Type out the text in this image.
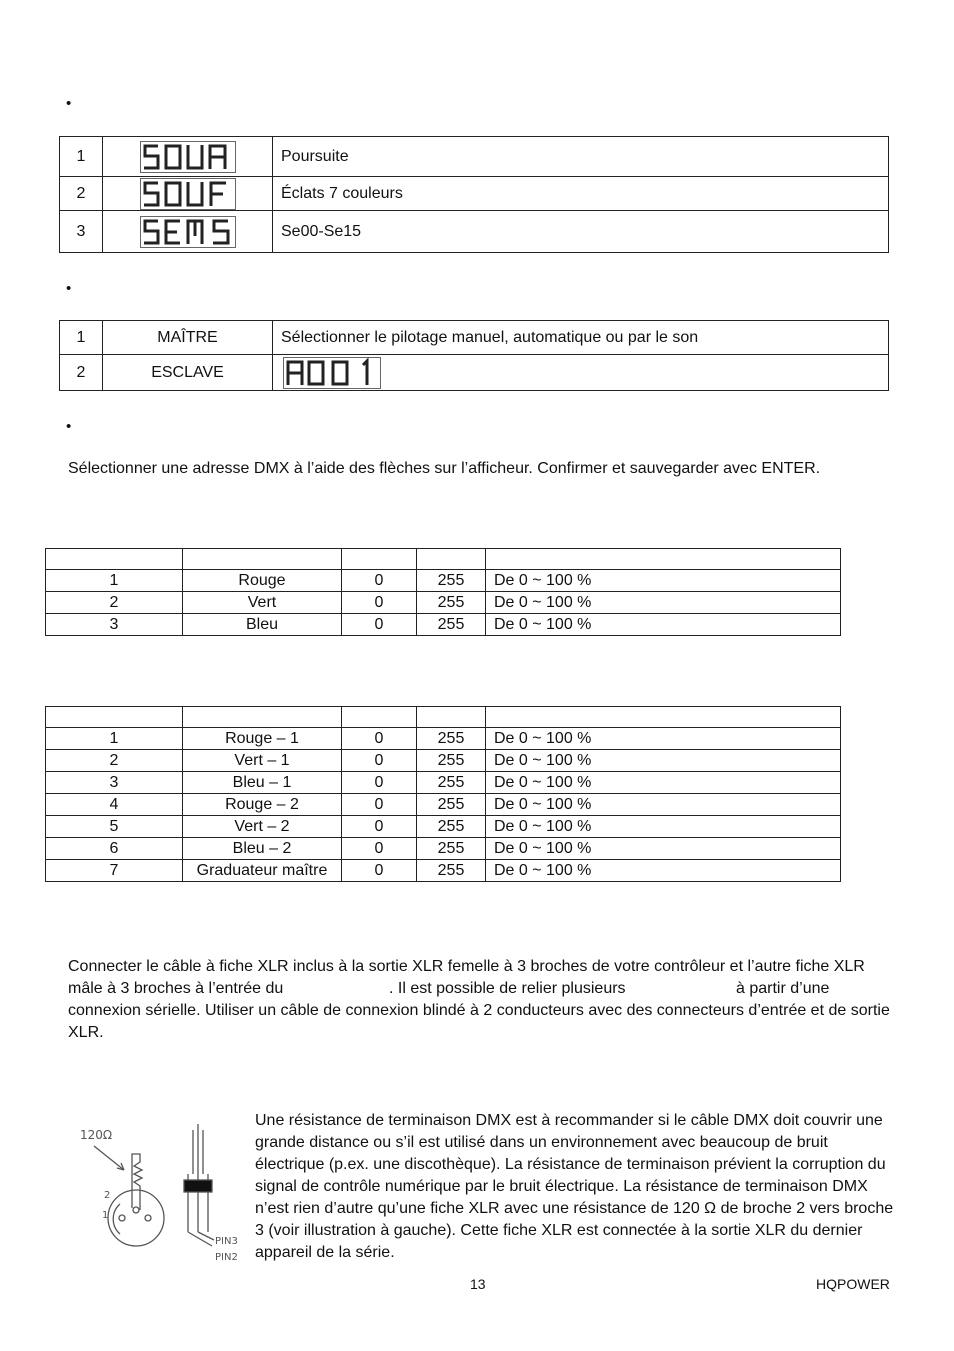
•
•
•
1		Poursuite
2		Éclats 7 couleurs
3		Se00-Se15
1	MAÎTRE	Sélectionner le pilotage manuel, automatique ou par le son
2	ESCLAVE	
Sélectionner une adresse DMX à l’aide des flèches sur l’afficheur. Confirmer et sauvegarder avec ENTER.

1	Rouge	0	255	De 0 ~ 100 %
2	Vert	0	255	De 0 ~ 100 %
3	Bleu	0	255	De 0 ~ 100 %

1	Rouge – 1	0	255	De 0 ~ 100 %
2	Vert – 1	0	255	De 0 ~ 100 %
3	Bleu – 1	0	255	De 0 ~ 100 %
4	Rouge – 2	0	255	De 0 ~ 100 %
5	Vert – 2	0	255	De 0 ~ 100 %
6	Bleu – 2	0	255	De 0 ~ 100 %
7	Graduateur maître	0	255	De 0 ~ 100 %
Connecter le câble à fiche XLR inclus à la sortie XLR femelle à 3 broches de votre contrôleur et l’autre fiche XLR
mâle à 3 broches à l’entrée du	. Il est possible de relier plusieurs	à partir d’une
connexion sérielle. Utiliser un câble de connexion blindé à 2 conducteurs avec des connecteurs d’entrée et de sortie
XLR.
120Ω
2
1
PIN3
PIN2
Une résistance de terminaison DMX est à recommander si le câble DMX doit couvrir une
grande distance ou s’il est utilisé dans un environnement avec beaucoup de bruit
électrique (p.ex. une discothèque). La résistance de terminaison prévient la corruption du
signal de contrôle numérique par le bruit électrique. La résistance de terminaison DMX
n’est rien d’autre qu’une fiche XLR avec une résistance de 120 Ω de broche 2 vers broche
3 (voir illustration à gauche). Cette fiche XLR est connectée à la sortie XLR du dernier
appareil de la série.
13	HQPOWER
